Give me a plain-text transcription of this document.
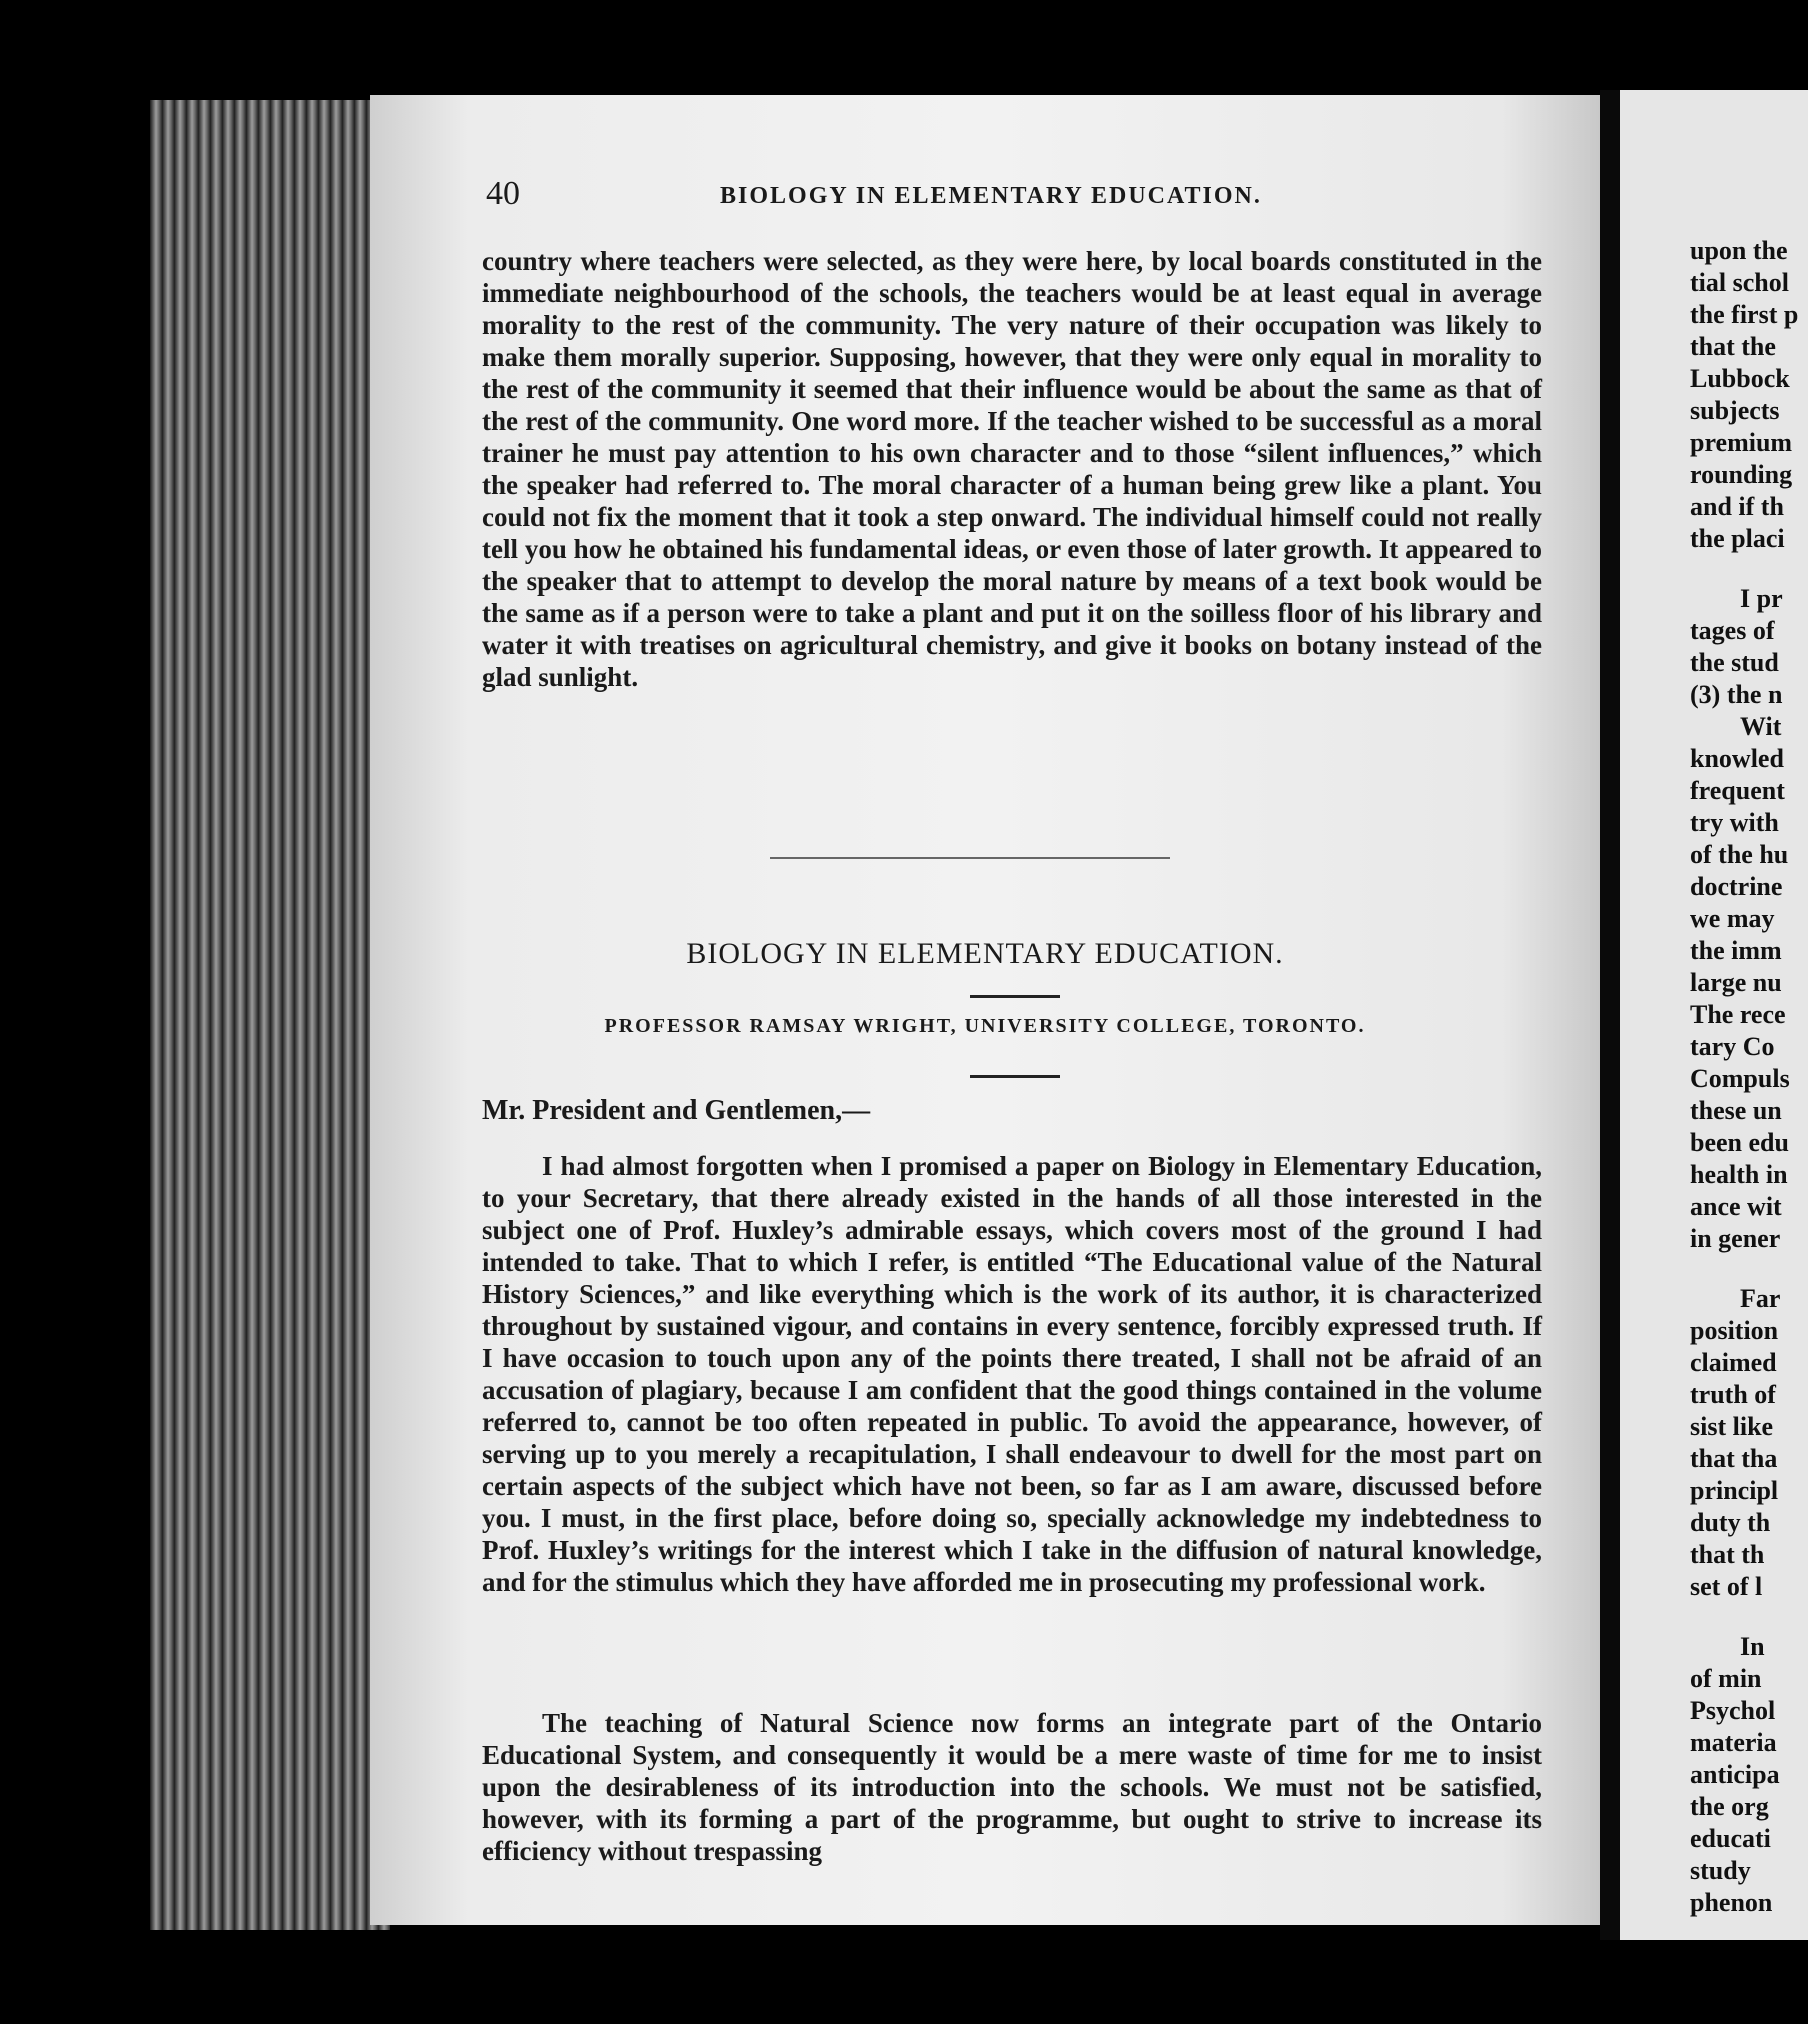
40	BIOLOGY IN ELEMENTARY EDUCATION.

country where teachers were selected, as they were here, by local boards constituted in the immediate neighbourhood of the schools, the teachers would be at least equal in average morality to the rest of the community. The very nature of their occupation was likely to make them morally superior. Supposing, however, that they were only equal in morality to the rest of the community it seemed that their influence would be about the same as that of the rest of the community. One word more. If the teacher wished to be successful as a moral trainer he must pay attention to his own character and to those “silent influences,” which the speaker had referred to. The moral character of a human being grew like a plant. You could not fix the moment that it took a step onward. The individual himself could not really tell you how he obtained his fundamental ideas, or even those of later growth. It appeared to the speaker that to attempt to develop the moral nature by means of a text book would be the same as if a person were to take a plant and put it on the soilless floor of his library and water it with treatises on agricultural chemistry, and give it books on botany instead of the glad sunlight.

BIOLOGY IN ELEMENTARY EDUCATION.
PROFESSOR RAMSAY WRIGHT, UNIVERSITY COLLEGE, TORONTO.
Mr. President and Gentlemen,—

I had almost forgotten when I promised a paper on Biology in Elementary Education, to your Secretary, that there already existed in the hands of all those interested in the subject one of Prof. Huxley’s admirable essays, which covers most of the ground I had intended to take. That to which I refer, is entitled “The Educational value of the Natural History Sciences,” and like everything which is the work of its author, it is characterized throughout by sustained vigour, and contains in every sentence, forcibly expressed truth. If I have occasion to touch upon any of the points there treated, I shall not be afraid of an accusation of plagiary, because I am confident that the good things contained in the volume referred to, cannot be too often repeated in public. To avoid the appearance, however, of serving up to you merely a recapitulation, I shall endeavour to dwell for the most part on certain aspects of the subject which have not been, so far as I am aware, discussed before you. I must, in the first place, before doing so, specially acknowledge my indebtedness to Prof. Huxley’s writings for the interest which I take in the diffusion of natural knowledge, and for the stimulus which they have afforded me in prosecuting my professional work.

The teaching of Natural Science now forms an integrate part of the Ontario Educational System, and consequently it would be a mere waste of time for me to insist upon the desirableness of its introduction into the schools. We must not be satisfied, however, with its forming a part of the programme, but ought to strive to increase its efficiency without trespassing

upon the
tial schol
the first p
that the
Lubbock
subjects
premium
rounding
and if th
the placi
I pr
tages of
the stud
(3) the n
Wit
knowled
frequent
try with
of the hu
doctrine
we may
the imm
large nu
The rece
tary Co
Compuls
these un
been edu
health in
ance wit
in gener
Far
position
claimed
truth of
sist like
that tha
principl
duty th
that th
set of l
In
of min
Psychol
materia
anticipa
the org
educati
study
phenon
